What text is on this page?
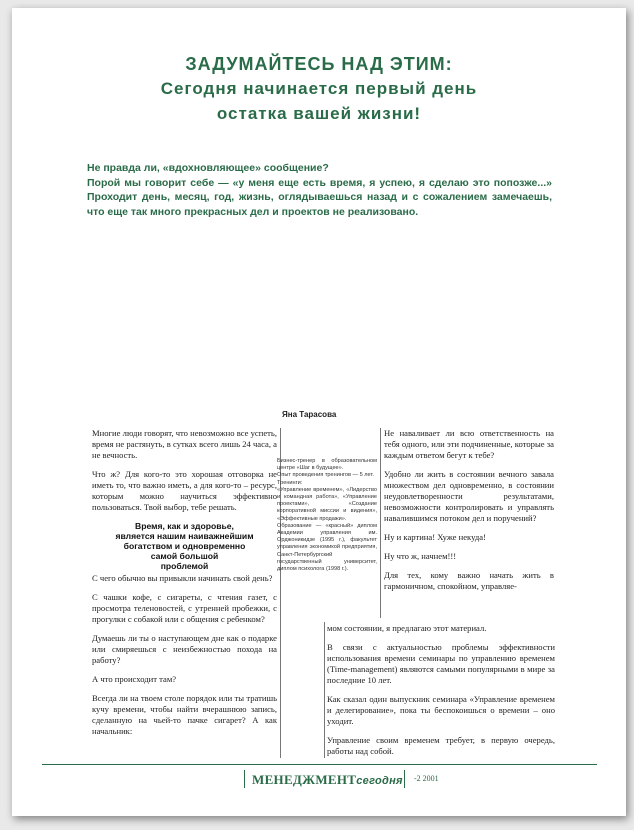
ЗАДУМАЙТЕСЬ НАД ЭТИМ:
Сегодня начинается первый день
остатка вашей жизни!

Не правда ли, «вдохновляющее» сообщение?

Порой мы говорит себе — «у меня еще есть время, я успею, я сделаю это попозже...» Проходит день, месяц, год, жизнь, оглядываешься назад и с сожалением замечаешь, что еще так много прекрасных дел и проектов не реализовано.

Яна Тарасова

Многие люди говорят, что невозможно все успеть, время не растянуть, в сутках всего лишь 24 часа, а не вечность.

Что ж? Для кого-то это хорошая отговорка не иметь то, что важно иметь, а для кого-то – ресурс, которым можно научиться эффективно пользоваться. Твой выбор, тебе решать.

Время, как и здоровье,
является нашим наиважнейшим
богатством и одновременно
самой большой
проблемой

С чего обычно вы привыкли начинать свой день?

С чашки кофе, с сигареты, с чтения газет, с просмотра теленовостей, с утренней пробежки, с прогулки с собакой или с общения с ребенком?

Думаешь ли ты о наступающем дне как о подарке или смиряешься с неизбежностью похода на работу?

А что происходит там?

Всегда ли на твоем столе порядок или ты тратишь кучу времени, чтобы найти вчерашнюю запись, сделанную на чьей-то пачке сигарет? А как начальник:

Бизнес-тренер в образовательном центре «Шаг в будущее».
Опыт проведения тренингов — 5 лет.
Тренинги:
«Управление временем», «Лидерство и командная работа», «Управление проектами», «Создание корпоративной миссии и видения», «Эффективные продажи».
Образование — «красный» диплом Академии управления им. Орджоникидзе (1995 г.), факультет управления экономикой предприятия, Санкт-Петербургский государственный университет, диплом психолога (1998 г.).

Не наваливает ли всю ответственность на тебя одного, или эти подчиненные, которые за каждым ответом бегут к тебе?

Удобно ли жить в состоянии вечного завала множеством дел одновременно, в состоянии неудовлетворенности результатами, невозможности контролировать и управлять навалившимся потоком дел и поручений?

Ну и картина! Хуже некуда!

Ну что ж, начнем!!!

Для тех, кому важно начать жить в гармоничном, спокойном, управляе-

мом состоянии, я предлагаю этот материал.

В связи с актуальностью проблемы эффективности использования времени семинары по управлению временем (Time-management) являются самыми популярными в мире за последние 10 лет.

Как сказал один выпускник семинара «Управление временем и делегирование», пока ты беспокоишься о времени – оно уходит.

Управление своим временем требует, в первую очередь, работы над собой.

МЕНЕДЖМЕНТсегодня -2 2001
